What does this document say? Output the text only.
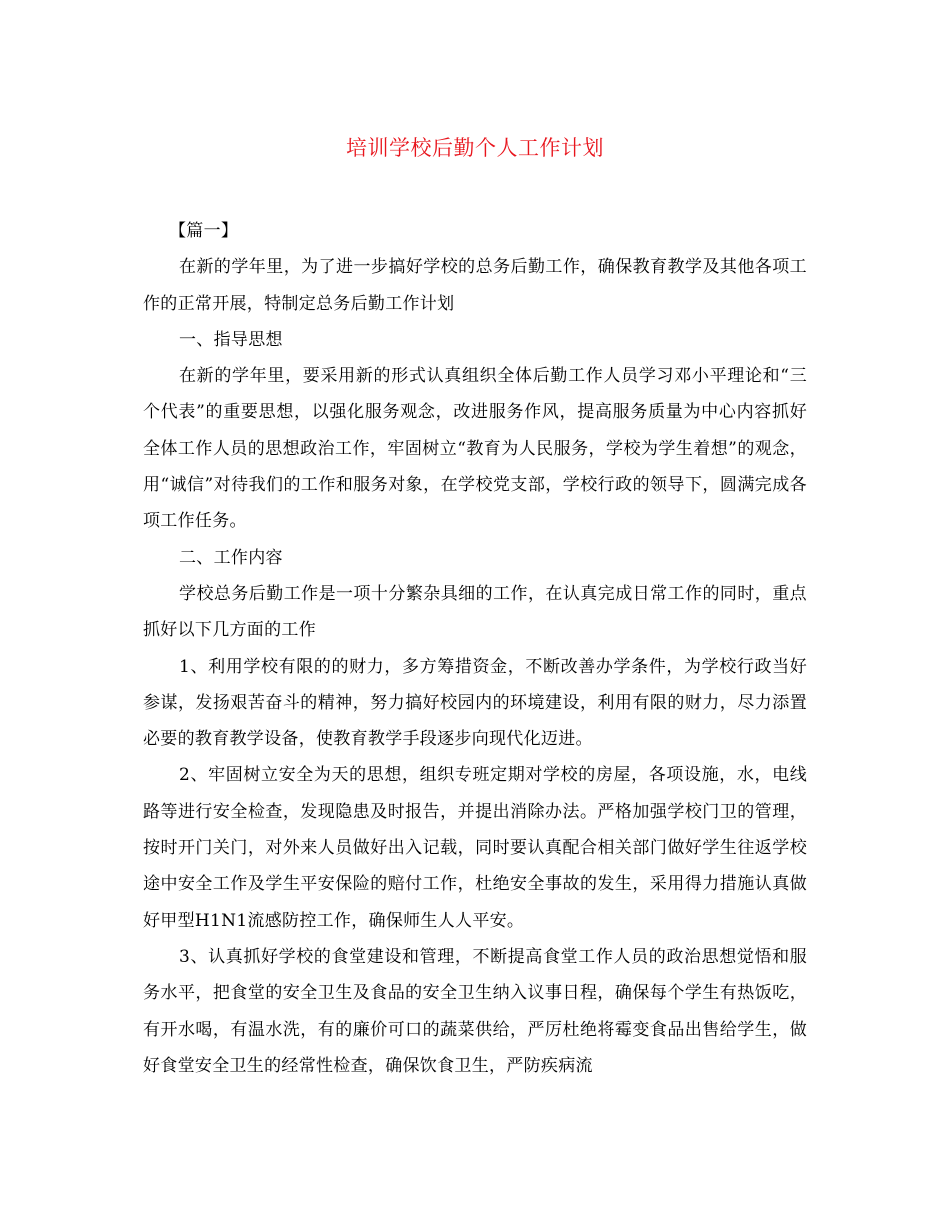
培训学校后勤个人工作计划

【篇一】

在新的学年里，为了进一步搞好学校的总务后勤工作，确保教育教学及其他各项工作的正常开展，特制定总务后勤工作计划

一、指导思想

在新的学年里，要采用新的形式认真组织全体后勤工作人员学习邓小平理论和“三个代表”的重要思想，以强化服务观念，改进服务作风，提高服务质量为中心内容抓好全体工作人员的思想政治工作，牢固树立“教育为人民服务，学校为学生着想”的观念，用“诚信”对待我们的工作和服务对象，在学校党支部，学校行政的领导下，圆满完成各项工作任务。

二、工作内容

学校总务后勤工作是一项十分繁杂具细的工作，在认真完成日常工作的同时，重点抓好以下几方面的工作

1、利用学校有限的的财力，多方筹措资金，不断改善办学条件，为学校行政当好参谋，发扬艰苦奋斗的精神，努力搞好校园内的环境建设，利用有限的财力，尽力添置必要的教育教学设备，使教育教学手段逐步向现代化迈进。

2、牢固树立安全为天的思想，组织专班定期对学校的房屋，各项设施，水，电线路等进行安全检查，发现隐患及时报告，并提出消除办法。严格加强学校门卫的管理，按时开门关门，对外来人员做好出入记载，同时要认真配合相关部门做好学生往返学校途中安全工作及学生平安保险的赔付工作，杜绝安全事故的发生，采用得力措施认真做好甲型H1N1流感防控工作，确保师生人人平安。

3、认真抓好学校的食堂建设和管理，不断提高食堂工作人员的政治思想觉悟和服务水平，把食堂的安全卫生及食品的安全卫生纳入议事日程，确保每个学生有热饭吃，有开水喝，有温水洗，有的廉价可口的蔬菜供给，严厉杜绝将霉变食品出售给学生，做好食堂安全卫生的经常性检查，确保饮食卫生，严防疾病流
